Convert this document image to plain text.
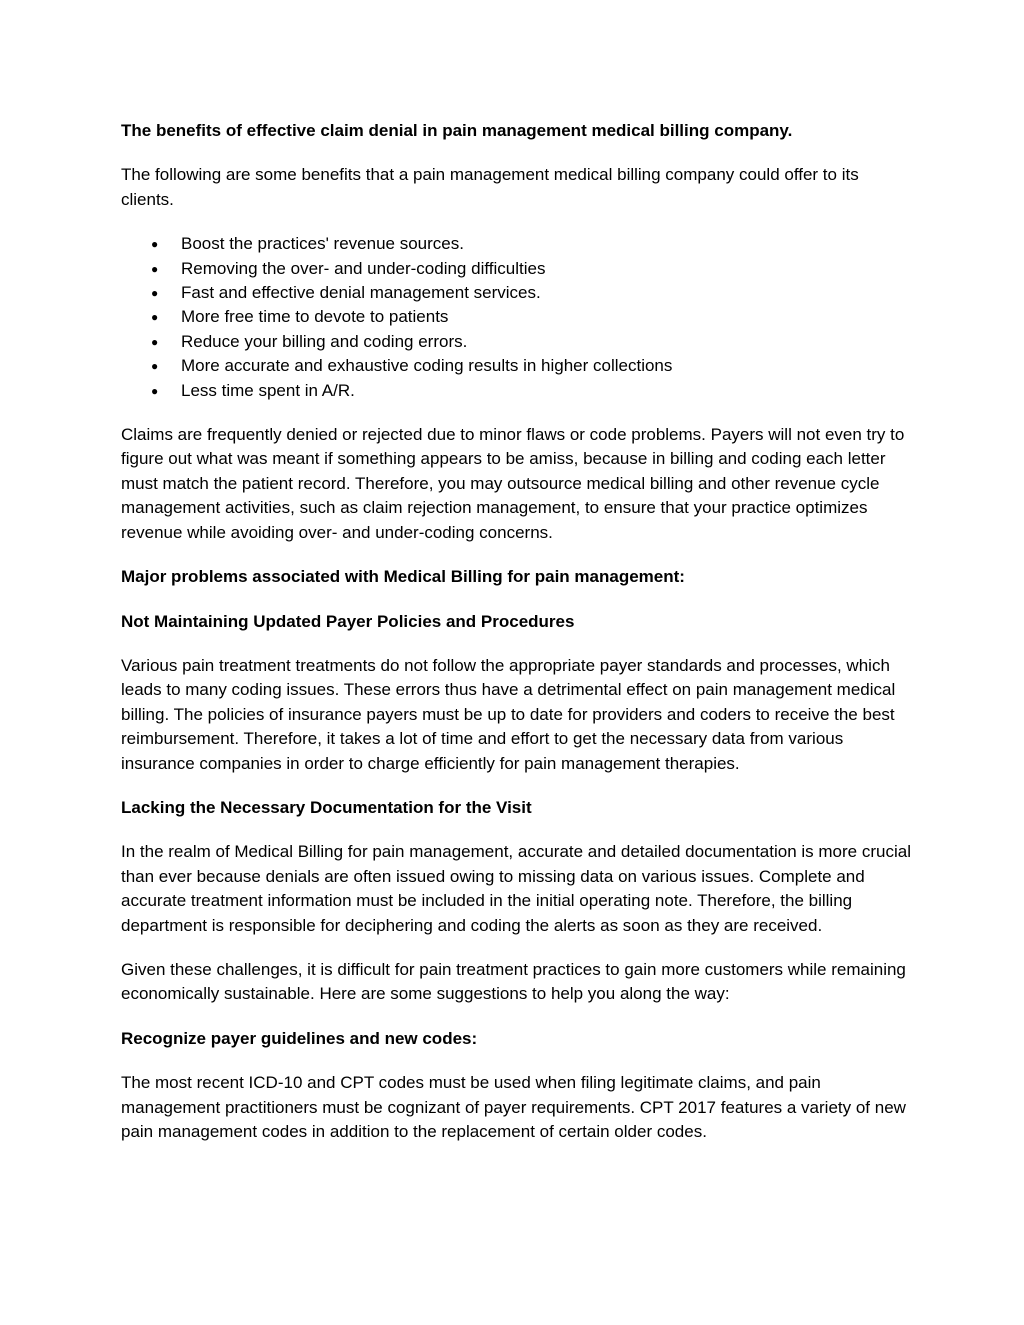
The benefits of effective claim denial in pain management medical billing company.

The following are some benefits that a pain management medical billing company could offer to its clients.

● Boost the practices' revenue sources.
● Removing the over- and under-coding difficulties
● Fast and effective denial management services.
● More free time to devote to patients
● Reduce your billing and coding errors.
● More accurate and exhaustive coding results in higher collections
● Less time spent in A/R.

Claims are frequently denied or rejected due to minor flaws or code problems. Payers will not even try to figure out what was meant if something appears to be amiss, because in billing and coding each letter must match the patient record. Therefore, you may outsource medical billing and other revenue cycle management activities, such as claim rejection management, to ensure that your practice optimizes revenue while avoiding over- and under-coding concerns.

Major problems associated with Medical Billing for pain management:

Not Maintaining Updated Payer Policies and Procedures

Various pain treatment treatments do not follow the appropriate payer standards and processes, which leads to many coding issues. These errors thus have a detrimental effect on pain management medical billing. The policies of insurance payers must be up to date for providers and coders to receive the best reimbursement. Therefore, it takes a lot of time and effort to get the necessary data from various insurance companies in order to charge efficiently for pain management therapies.

Lacking the Necessary Documentation for the Visit

In the realm of Medical Billing for pain management, accurate and detailed documentation is more crucial than ever because denials are often issued owing to missing data on various issues. Complete and accurate treatment information must be included in the initial operating note. Therefore, the billing department is responsible for deciphering and coding the alerts as soon as they are received.

Given these challenges, it is difficult for pain treatment practices to gain more customers while remaining economically sustainable. Here are some suggestions to help you along the way:

Recognize payer guidelines and new codes:

The most recent ICD-10 and CPT codes must be used when filing legitimate claims, and pain management practitioners must be cognizant of payer requirements. CPT 2017 features a variety of new pain management codes in addition to the replacement of certain older codes.
